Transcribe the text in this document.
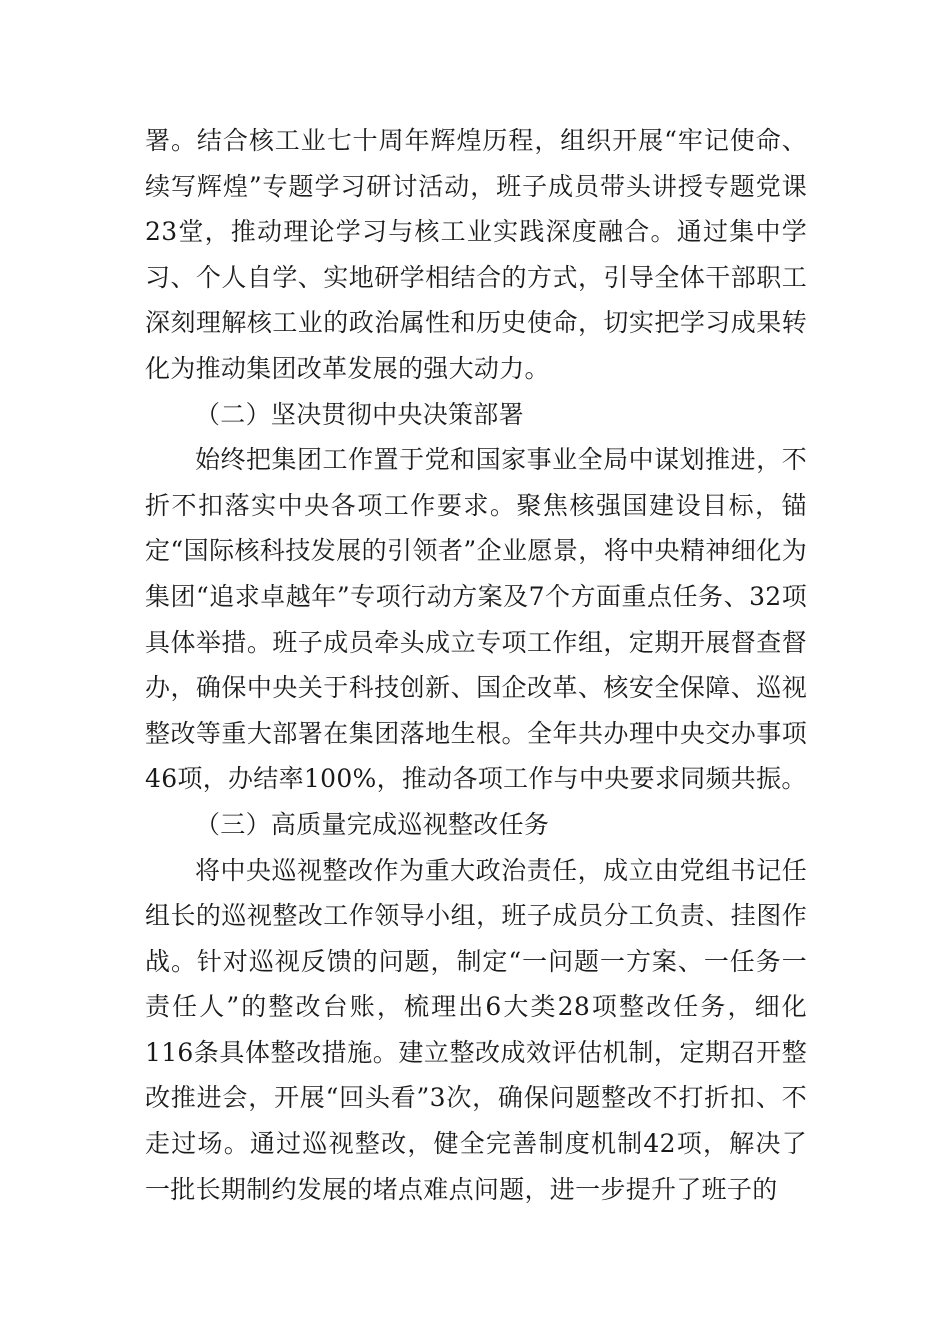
署。结合核工业七十周年辉煌历程，组织开展“牢记使命、续写辉煌”专题学习研讨活动，班子成员带头讲授专题党课23堂，推动理论学习与核工业实践深度融合。通过集中学习、个人自学、实地研学相结合的方式，引导全体干部职工深刻理解核工业的政治属性和历史使命，切实把学习成果转化为推动集团改革发展的强大动力。

（二）坚决贯彻中央决策部署

始终把集团工作置于党和国家事业全局中谋划推进，不折不扣落实中央各项工作要求。聚焦核强国建设目标，锚定“国际核科技发展的引领者”企业愿景，将中央精神细化为集团“追求卓越年”专项行动方案及7个方面重点任务、32项具体举措。班子成员牵头成立专项工作组，定期开展督查督办，确保中央关于科技创新、国企改革、核安全保障、巡视整改等重大部署在集团落地生根。全年共办理中央交办事项46项，办结率100%，推动各项工作与中央要求同频共振。

（三）高质量完成巡视整改任务

将中央巡视整改作为重大政治责任，成立由党组书记任组长的巡视整改工作领导小组，班子成员分工负责、挂图作战。针对巡视反馈的问题，制定“一问题一方案、一任务一责任人”的整改台账，梳理出6大类28项整改任务，细化116条具体整改措施。建立整改成效评估机制，定期召开整改推进会，开展“回头看”3次，确保问题整改不打折扣、不走过场。通过巡视整改，健全完善制度机制42项，解决了一批长期制约发展的堵点难点问题，进一步提升了班子的
